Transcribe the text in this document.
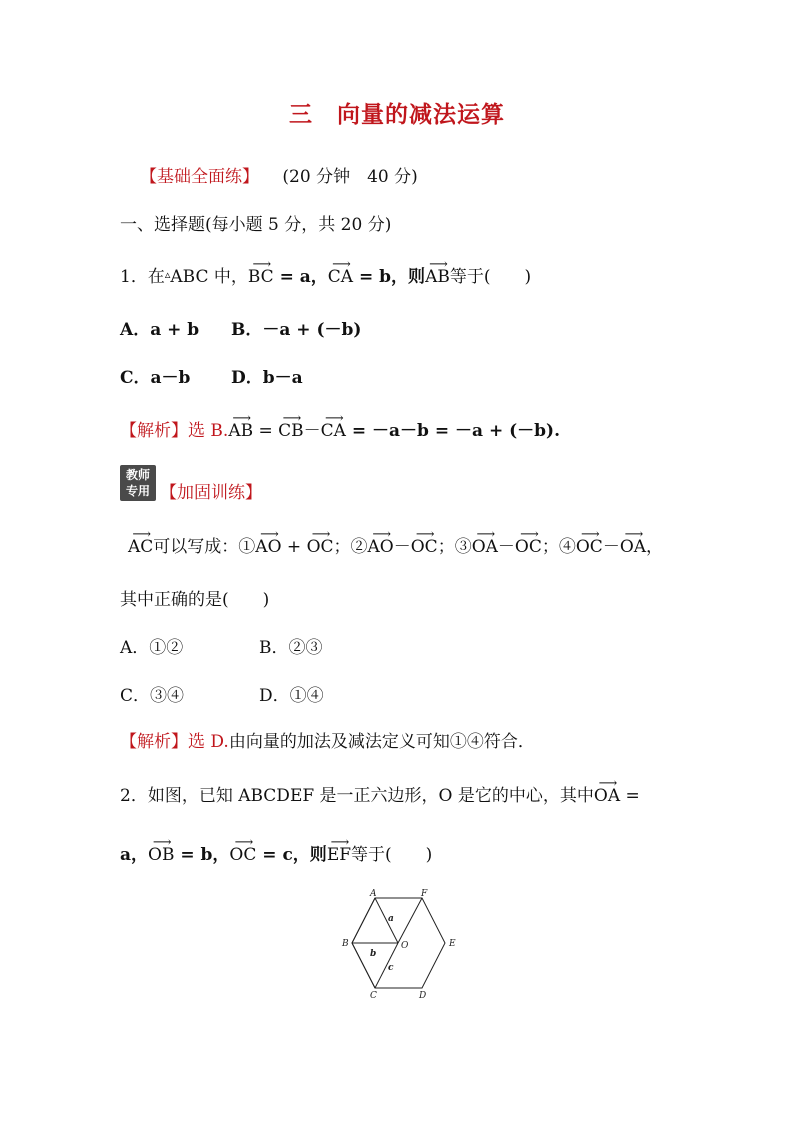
三　向量的减法运算
【基础全面练】 (20 分钟　40 分)
一、选择题(每小题 5 分，共 20 分)
1．在▵ABC 中，
⟶
BC = a，
⟶
CA = b，则
⟶
AB等于(　　)
A．a + b B．－a + (－b)
C．a－b D．b－a
【解析】选 B.
⟶
AB =
⟶
CB－
⟶
CA = －a－b = －a + (－b).
教师
专用 【加固训练】
⟶
AC可以写成：①
⟶
AO +
⟶
OC；②
⟶
AO－
⟶
OC；③
⟶
OA－
⟶
OC；④
⟶
OC－
⟶
OA，
其中正确的是(　　)
A．①②	B．②③
C．③④	D．①④
【解析】选 D.由向量的加法及减法定义可知①④符合．
2．如图，已知 ABCDEF 是一正六边形，O 是它的中心，其中
⟶
OA =
a，
⟶
OB = b，
⟶
OC = c，则
⟶
EF等于(　　)
A	F
B	E
C	D
O
a
b
c
